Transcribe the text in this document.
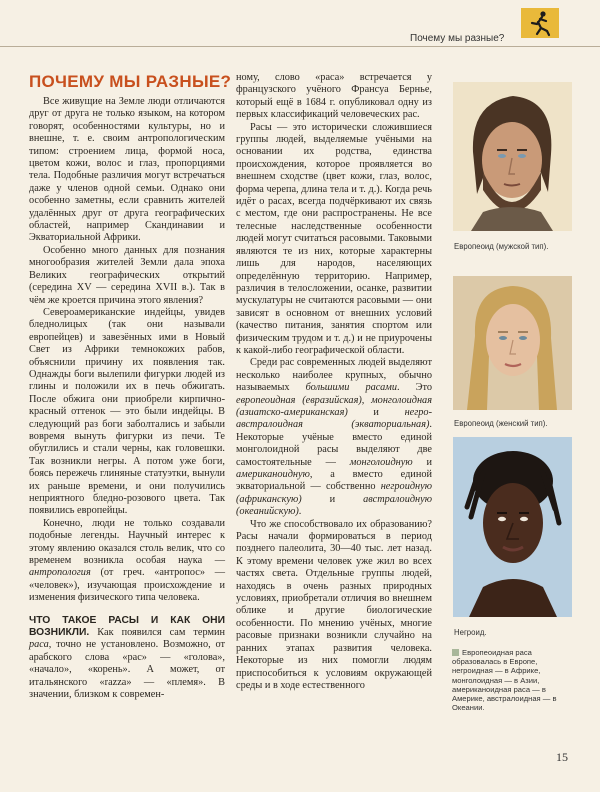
Почему мы разные?
ПОЧЕМУ МЫ РАЗНЫЕ?

Все живущие на Земле люди отличаются друг от друга не только языком, на котором говорят, особенностями культуры, но и внешне, т. е. своим антропологическим типом: строением лица, формой носа, цветом кожи, волос и глаз, пропорциями тела. Подобные различия могут встречаться даже у членов одной семьи. Однако они особенно заметны, если сравнить жителей удалённых друг от друга географических областей, например Скандинавии и Экваториальной Африки.

Особенно много данных для познания многообразия жителей Земли дала эпоха Великих географических открытий (середина XV — середина XVII в.). Так в чём же кроется причина этого явления?

Североамериканские индейцы, увидев бледнолицых (так они называли европейцев) и завезённых ими в Новый Свет из Африки темнокожих рабов, объяснили причину их появления так. Однажды боги вылепили фигурки людей из глины и положили их в печь обжигать. После обжига они приобрели кирпично-красный оттенок — это были индейцы. В следующий раз боги заболтались и забыли вовремя вынуть фигурки из печи. Те обуглились и стали черны, как головешки. Так возникли негры. А потом уже боги, боясь пережечь глиняные статуэтки, вынули их раньше времени, и они получились неприятного бледно-розового цвета. Так появились европейцы.

Конечно, люди не только создавали подобные легенды. Научный интерес к этому явлению оказался столь велик, что со временем возникла особая наука — антропология (от греч. «антропос» — «человек»), изучающая происхождение и изменения физического типа человека.

ЧТО ТАКОЕ РАСЫ И КАК ОНИ ВОЗНИКЛИ. Как появился сам термин раса, точно не установлено. Возможно, от арабского слова «рас» — «голова», «начало», «корень». А может, от итальянского «razza» — «племя». В значении, близком к современ-

ному, слово «раса» встречается у французского учёного Франсуа Бернье, который ещё в 1684 г. опубликовал одну из первых классификаций человеческих рас.

Расы — это исторически сложившиеся группы людей, выделяемые учёными на основании их родства, единства происхождения, которое проявляется во внешнем сходстве (цвет кожи, глаз, волос, форма черепа, длина тела и т. д.). Когда речь идёт о расах, всегда подчёркивают их связь с местом, где они распространены. Не все телесные наследственные особенности людей могут считаться расовыми. Таковыми являются те из них, которые характерны лишь для народов, населяющих определённую территорию. Например, различия в телосложении, осанке, развитии мускулатуры не считаются расовыми — они зависят в основном от внешних условий (качество питания, занятия спортом или физическим трудом и т. д.) и не приурочены к какой-либо географической области.

Среди рас современных людей выделяют несколько наиболее крупных, обычно называемых большими расами. Это европеоидная (евразийская), монголоидная (азиатско-американская) и негро-австралоидная (экваториальная). Некоторые учёные вместо единой монголоидной расы выделяют две самостоятельные — монголоидную и американоидную, а вместо единой экваториальной — собственно негроидную (африканскую) и австралоидную (океанийскую).

Что же способствовало их образованию? Расы начали формироваться в период позднего палеолита, 30—40 тыс. лет назад. К этому времени человек уже жил во всех частях света. Отдельные группы людей, находясь в очень разных природных условиях, приобретали отличия во внешнем облике и другие биологические особенности. По мнению учёных, многие расовые признаки возникли случайно на ранних этапах развития человека. Некоторые из них помогли людям приспособиться к условиям окружающей среды и в ходе естественного

Европеоид (мужской тип).
Европеоид (женский тип).
Негроид.
Европеоидная раса образовалась в Европе, негроидная — в Африке, монголоидная — в Азии, американоидная раса — в Америке, австралоидная — в Океании.
15
